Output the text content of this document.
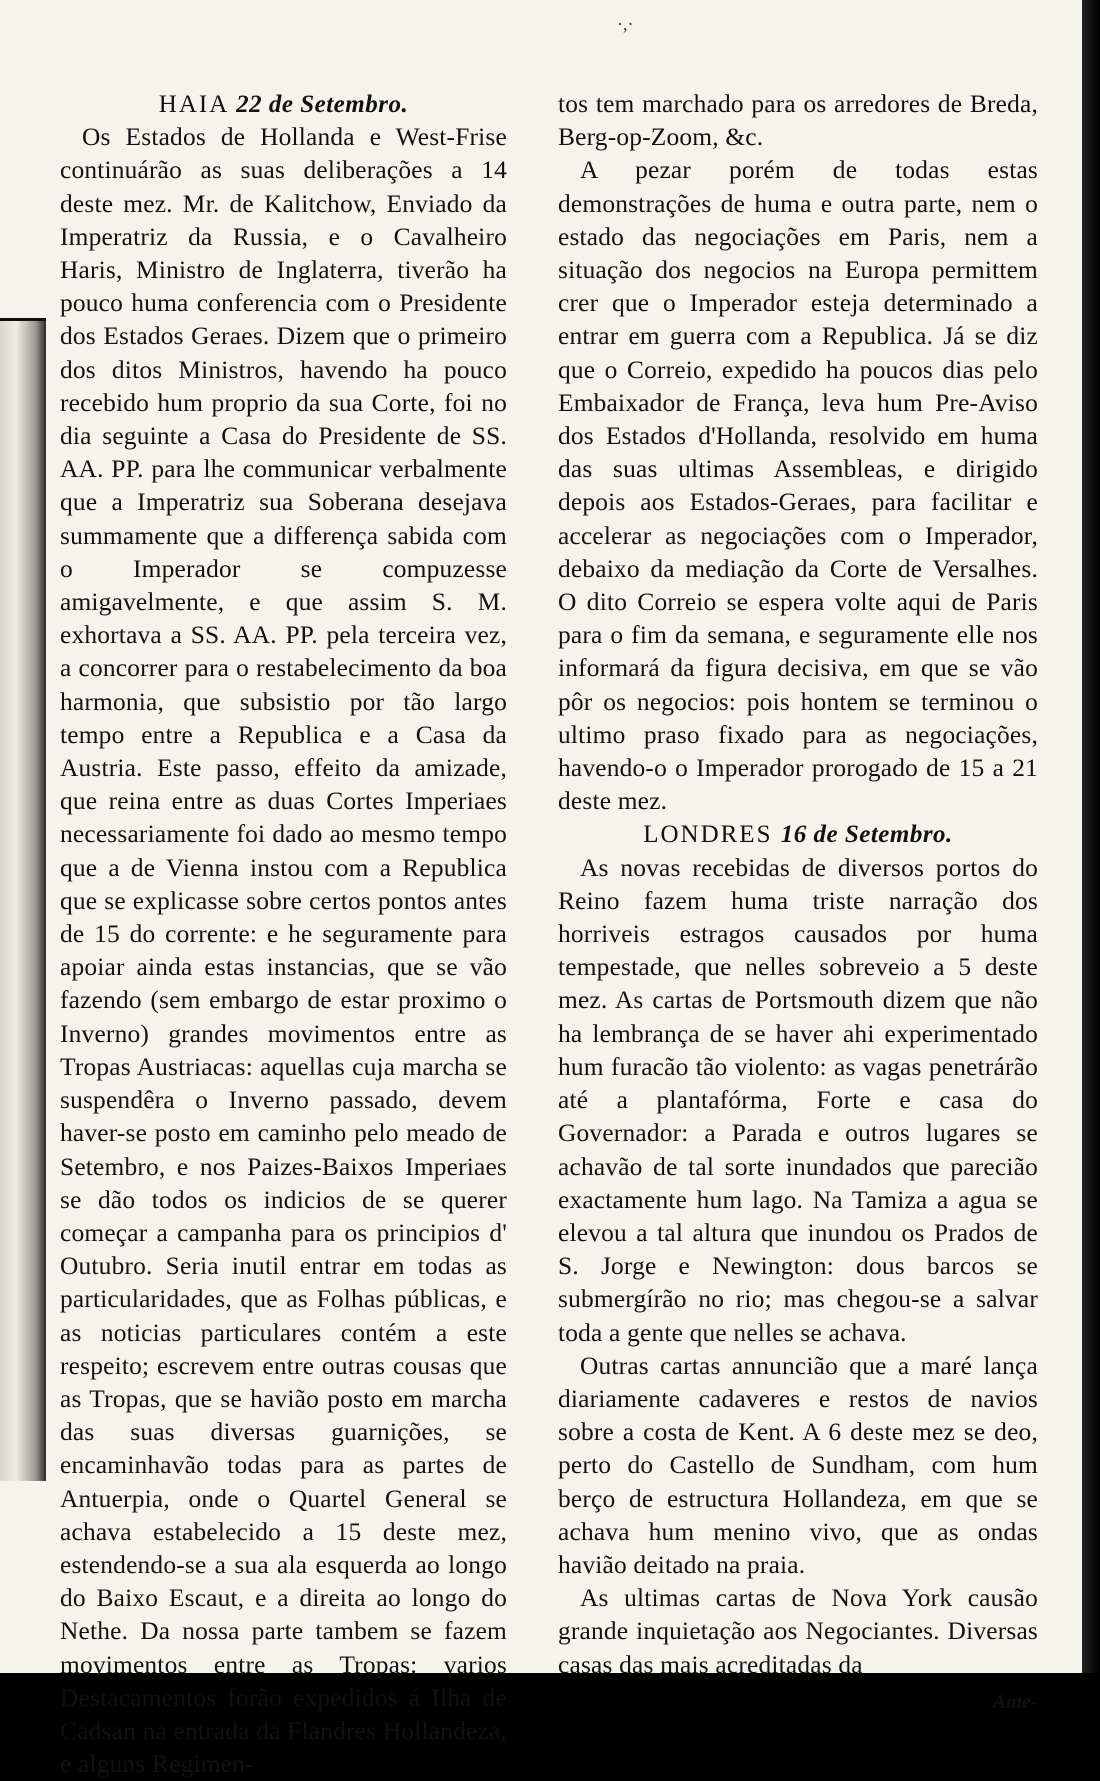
·,·

HAIA 22 de Setembro.

Os Estados de Hollanda e West-Frise continuárão as suas deliberações a 14 deste mez. Mr. de Kalitchow, Enviado da Imperatriz da Russia, e o Cavalheiro Haris, Ministro de Inglaterra, tiverão ha pouco huma conferencia com o Presidente dos Estados Geraes. Dizem que o primeiro dos ditos Ministros, havendo ha pouco recebido hum proprio da sua Corte, foi no dia seguinte a Casa do Presidente de SS. AA. PP. para lhe communicar verbalmente que a Imperatriz sua Soberana desejava summamente que a differença sabida com o Imperador se compuzesse amigavelmente, e que assim S. M. exhortava a SS. AA. PP. pela terceira vez, a concorrer para o restabelecimento da boa harmonia, que subsistio por tão largo tempo entre a Republica e a Casa da Austria. Este passo, effeito da amizade, que reina entre as duas Cortes Imperiaes necessariamente foi dado ao mesmo tempo que a de Vienna instou com a Republica que se explicasse sobre certos pontos antes de 15 do corrente: e he seguramente para apoiar ainda estas instancias, que se vão fazendo (sem embargo de estar proximo o Inverno) grandes movimentos entre as Tropas Austriacas: aquellas cuja marcha se suspendêra o Inverno passado, devem haver-se posto em caminho pelo meado de Setembro, e nos Paizes-Baixos Imperiaes se dão todos os indicios de se querer começar a campanha para os principios d' Outubro. Seria inutil entrar em todas as particularidades, que as Folhas públicas, e as noticias particulares contém a este respeito; escrevem entre outras cousas que as Tropas, que se havião posto em marcha das suas diversas guarnições, se encaminhavão todas para as partes de Antuerpia, onde o Quartel General se achava estabelecido a 15 deste mez, estendendo-se a sua ala esquerda ao longo do Baixo Escaut, e a direita ao longo do Nethe. Da nossa parte tambem se fazem movimentos entre as Tropas: varios Destacamentos forão expedidos á Ilha de Cadsan na entrada da Flandres Hollandeza, e alguns Regimen-

tos tem marchado para os arredores de Breda, Berg-op-Zoom, &c.

A pezar porém de todas estas demonstrações de huma e outra parte, nem o estado das negociações em Paris, nem a situação dos negocios na Europa permittem crer que o Imperador esteja determinado a entrar em guerra com a Republica. Já se diz que o Correio, expedido ha poucos dias pelo Embaixador de França, leva hum Pre-Aviso dos Estados d'Hollanda, resolvido em huma das suas ultimas Assembleas, e dirigido depois aos Estados-Geraes, para facilitar e accelerar as negociações com o Imperador, debaixo da mediação da Corte de Versalhes. O dito Correio se espera volte aqui de Paris para o fim da semana, e seguramente elle nos informará da figura decisiva, em que se vão pôr os negocios: pois hontem se terminou o ultimo praso fixado para as negociações, havendo-o o Imperador prorogado de 15 a 21 deste mez.

LONDRES 16 de Setembro.

As novas recebidas de diversos portos do Reino fazem huma triste narração dos horriveis estragos causados por huma tempestade, que nelles sobreveio a 5 deste mez. As cartas de Portsmouth dizem que não ha lembrança de se haver ahi experimentado hum furacão tão violento: as vagas penetrárão até a plantafórma, Forte e casa do Governador: a Parada e outros lugares se achavão de tal sorte inundados que parecião exactamente hum lago. Na Tamiza a agua se elevou a tal altura que inundou os Prados de S. Jorge e Newington: dous barcos se submergírão no rio; mas chegou-se a salvar toda a gente que nelles se achava.

Outras cartas annuncião que a maré lança diariamente cadaveres e restos de navios sobre a costa de Kent. A 6 deste mez se deo, perto do Castello de Sundham, com hum berço de estructura Hollandeza, em que se achava hum menino vivo, que as ondas havião deitado na praia.

As ultimas cartas de Nova York causão grande inquietação aos Negociantes. Diversas casas das mais acreditadas da

Ame-
